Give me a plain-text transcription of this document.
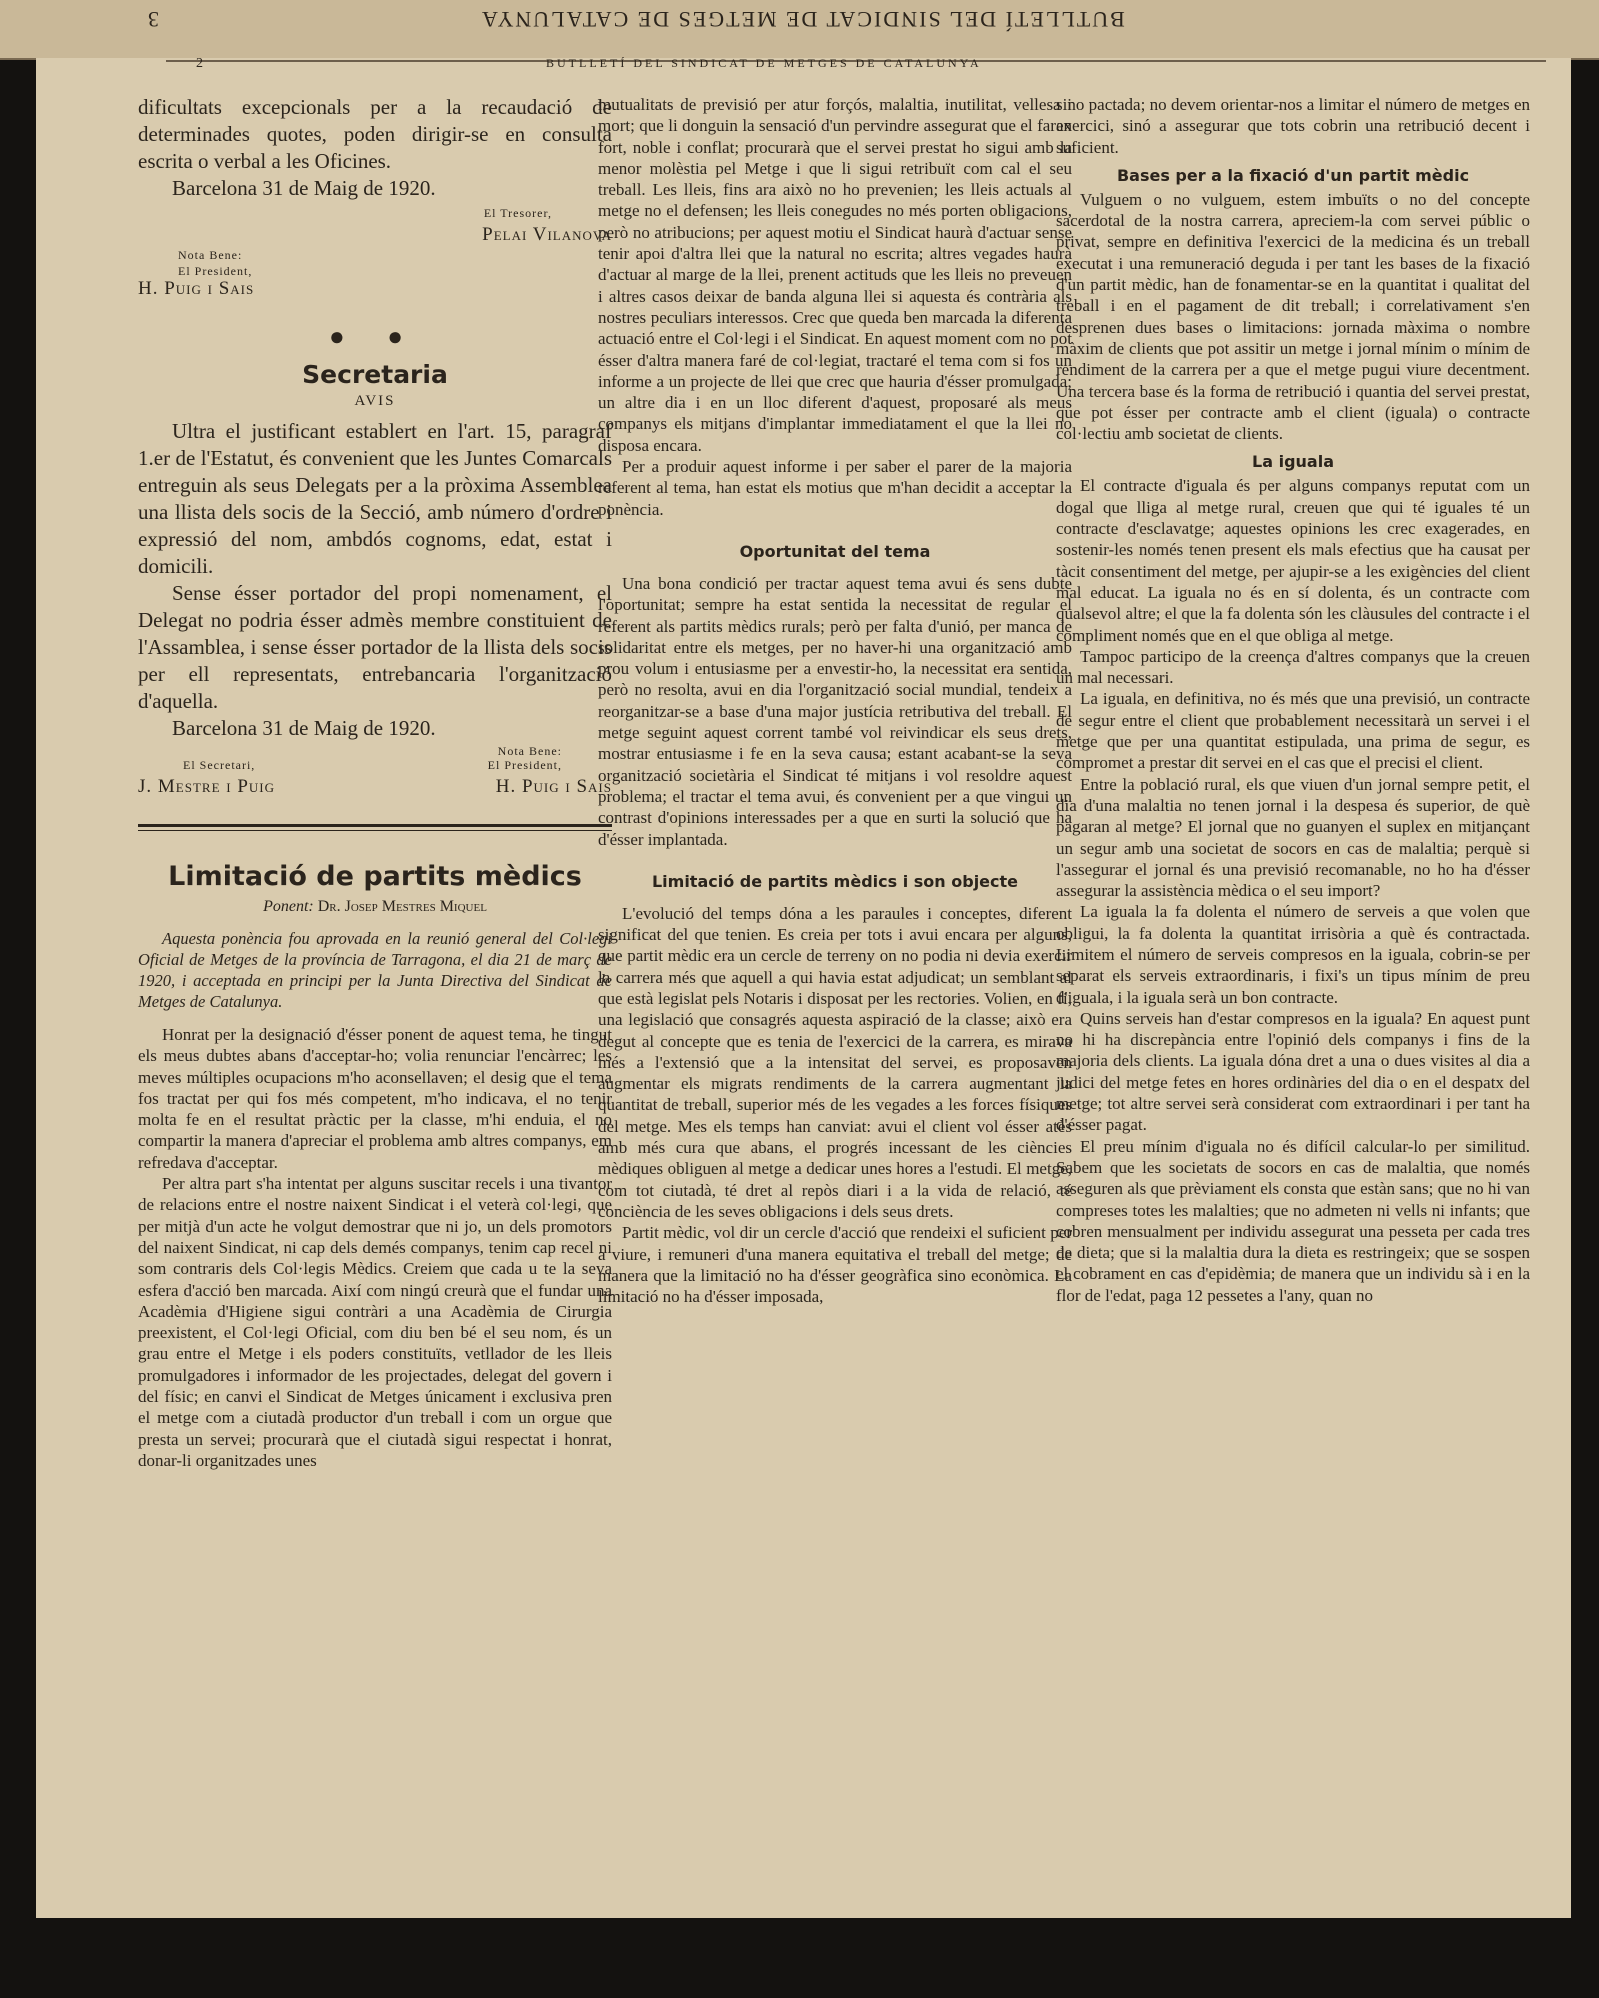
3	BUTLLETÍ DEL SINDICAT DE METGES DE CATALUNYA
2	BUTLLETÍ DEL SINDICAT DE METGES DE CATALUNYA

dificultats excepcionals per a la recaudació de determinades quotes, poden dirigir-se en consulta escrita o verbal a les Oficines.

Barcelona 31 de Maig de 1920.

El Tresorer,
Pelai Vilanova
Nota Bene:
El President,
H. Puig i Sais
● ●
Secretaria
AVIS

Ultra el justificant establert en l'art. 15, paragraf 1.er de l'Estatut, és convenient que les Juntes Comarcals entreguin als seus Delegats per a la pròxima Assemblea una llista dels socis de la Secció, amb número d'ordre i expressió del nom, ambdós cognoms, edat, estat i domicili.

Sense ésser portador del propi nomenament, el Delegat no podria ésser admès membre constituient de l'Assamblea, i sense ésser portador de la llista dels socis per ell representats, entrebancaria l'organització d'aquella.

Barcelona 31 de Maig de 1920.

Nota Bene:
El Secretari,	El President,
J. Mestre i Puig	H. Puig i Sais
Limitació de partits mèdics
Ponent: Dr. Josep Mestres Miquel

Aquesta ponència fou aprovada en la reunió general del Col·legi Oficial de Metges de la província de Tarragona, el dia 21 de març de 1920, i acceptada en principi per la Junta Directiva del Sindicat de Metges de Catalunya.

Honrat per la designació d'ésser ponent de aquest tema, he tingut els meus dubtes abans d'acceptar-ho; volia renunciar l'encàrrec; les meves múltiples ocupacions m'ho aconsellaven; el desig que el tema fos tractat per qui fos més competent, m'ho indicava, el no tenir molta fe en el resultat pràctic per la classe, m'hi enduia, el no compartir la manera d'apreciar el problema amb altres companys, em refredava d'acceptar.

Per altra part s'ha intentat per alguns suscitar recels i una tivantor de relacions entre el nostre naixent Sindicat i el veterà col·legi, que per mitjà d'un acte he volgut demostrar que ni jo, un dels promotors del naixent Sindicat, ni cap dels demés companys, tenim cap recel ni som contraris dels Col·legis Mèdics. Creiem que cada u te la seva esfera d'acció ben marcada. Així com ningú creurà que el fundar una Acadèmia d'Higiene sigui contràri a una Acadèmia de Cirurgia preexistent, el Col·legi Oficial, com diu ben bé el seu nom, és un grau entre el Metge i els poders constituïts, vetllador de les lleis promulgadores i informador de les projectades, delegat del govern i del físic; en canvi el Sindicat de Metges únicament i exclusiva pren el metge com a ciutadà productor d'un treball i com un orgue que presta un servei; procurarà que el ciutadà sigui respectat i honrat, donar-li organitzades unes

mutualitats de previsió per atur forçós, malaltia, inutilitat, vellesa i mort; que li donguin la sensació d'un pervindre assegurat que el faran fort, noble i conflat; procurarà que el servei prestat ho sigui amb la menor molèstia pel Metge i que li sigui retribuït com cal el seu treball. Les lleis, fins ara això no ho prevenien; les lleis actuals al metge no el defensen; les lleis conegudes no més porten obligacions, però no atribucions; per aquest motiu el Sindicat haurà d'actuar sense tenir apoi d'altra llei que la natural no escrita; altres vegades haurà d'actuar al marge de la llei, prenent actituds que les lleis no preveuen i altres casos deixar de banda alguna llei si aquesta és contrària als nostres peculiars interessos. Crec que queda ben marcada la diferenta actuació entre el Col·legi i el Sindicat. En aquest moment com no pot ésser d'altra manera faré de col·legiat, tractaré el tema com si fos un informe a un projecte de llei que crec que hauria d'ésser promulgada; un altre dia i en un lloc diferent d'aquest, proposaré als meus companys els mitjans d'implantar immediatament el que la llei no disposa encara.

Per a produir aquest informe i per saber el parer de la majoria referent al tema, han estat els motius que m'han decidit a acceptar la ponència.

Oportunitat del tema

Una bona condició per tractar aquest tema avui és sens dubte l'oportunitat; sempre ha estat sentida la necessitat de regular el referent als partits mèdics rurals; però per falta d'unió, per manca de solidaritat entre els metges, per no haver-hi una organització amb prou volum i entusiasme per a envestir-ho, la necessitat era sentida, però no resolta, avui en dia l'organització social mundial, tendeix a reorganitzar-se a base d'una major justícia retributiva del treball. El metge seguint aquest corrent també vol reivindicar els seus drets, mostrar entusiasme i fe en la seva causa; estant acabant-se la seva organització societària el Sindicat té mitjans i vol resoldre aquest problema; el tractar el tema avui, és convenient per a que vingui un contrast d'opinions interessades per a que en surti la solució que ha d'ésser implantada.

Limitació de partits mèdics i son objecte

L'evolució del temps dóna a les paraules i conceptes, diferent significat del que tenien. Es creia per tots i avui encara per alguns, que partit mèdic era un cercle de terreny on no podia ni devia exercir la carrera més que aquell a qui havia estat adjudicat; un semblant al que està legislat pels Notaris i disposat per les rectories. Volien, en fi, una legislació que consagrés aquesta aspiració de la classe; això era degut al concepte que es tenia de l'exercici de la carrera, es mirava més a l'extensió que a la intensitat del servei, es proposaven augmentar els migrats rendiments de la carrera augmentant la quantitat de treball, superior més de les vegades a les forces físiques del metge. Mes els temps han canviat: avui el client vol ésser atès amb més cura que abans, el progrés incessant de les ciències mèdiques obliguen al metge a dedicar unes hores a l'estudi. El metge, com tot ciutadà, té dret al repòs diari i a la vida de relació, té conciència de les seves obligacions i dels seus drets.

Partit mèdic, vol dir un cercle d'acció que rendeixi el suficient per a viure, i remuneri d'una manera equitativa el treball del metge; de manera que la limitació no ha d'ésser geogràfica sino econòmica. La limitació no ha d'ésser imposada,

sino pactada; no devem orientar-nos a limitar el número de metges en exercici, sinó a assegurar que tots cobrin una retribució decent i suficient.

Bases per a la fixació d'un partit mèdic

Vulguem o no vulguem, estem imbuïts o no del concepte sacerdotal de la nostra carrera, apreciem-la com servei públic o privat, sempre en definitiva l'exercici de la medicina és un treball executat i una remuneració deguda i per tant les bases de la fixació d'un partit mèdic, han de fonamentar-se en la quantitat i qualitat del treball i en el pagament de dit treball; i correlativament s'en desprenen dues bases o limitacions: jornada màxima o nombre màxim de clients que pot assitir un metge i jornal mínim o mínim de rendiment de la carrera per a que el metge pugui viure decentment. Una tercera base és la forma de retribució i quantia del servei prestat, que pot ésser per contracte amb el client (iguala) o contracte col·lectiu amb societat de clients.

La iguala

El contracte d'iguala és per alguns companys reputat com un dogal que lliga al metge rural, creuen que qui té iguales té un contracte d'esclavatge; aquestes opinions les crec exagerades, en sostenir-les només tenen present els mals efectius que ha causat per tàcit consentiment del metge, per ajupir-se a les exigències del client mal educat. La iguala no és en sí dolenta, és un contracte com qualsevol altre; el que la fa dolenta són les clàusules del contracte i el compliment només que en el que obliga al metge.

Tampoc participo de la creença d'altres companys que la creuen un mal necessari.

La iguala, en definitiva, no és més que una previsió, un contracte de segur entre el client que probablement necessitarà un servei i el metge que per una quantitat estipulada, una prima de segur, es compromet a prestar dit servei en el cas que el precisi el client.

Entre la població rural, els que viuen d'un jornal sempre petit, el dia d'una malaltia no tenen jornal i la despesa és superior, de què pagaran al metge? El jornal que no guanyen el suplex en mitjançant un segur amb una societat de socors en cas de malaltia; perquè si l'assegurar el jornal és una previsió recomanable, no ho ha d'ésser assegurar la assistència mèdica o el seu import?

La iguala la fa dolenta el número de serveis a que volen que obligui, la fa dolenta la quantitat irrisòria a què és contractada. Limitem el número de serveis compresos en la iguala, cobrin-se per separat els serveis extraordinaris, i fixi's un tipus mínim de preu d'iguala, i la iguala serà un bon contracte.

Quins serveis han d'estar compresos en la iguala? En aquest punt no hi ha discrepància entre l'opinió dels companys i fins de la majoria dels clients. La iguala dóna dret a una o dues visites al dia a judici del metge fetes en hores ordinàries del dia o en el despatx del metge; tot altre servei serà considerat com extraordinari i per tant ha d'ésser pagat.

El preu mínim d'iguala no és difícil calcular-lo per similitud. Sabem que les societats de socors en cas de malaltia, que només asseguren als que prèviament els consta que estàn sans; que no hi van compreses totes les malalties; que no admeten ni vells ni infants; que cobren mensualment per individu assegurat una pesseta per cada tres de dieta; que si la malaltia dura la dieta es restringeix; que se sospen el cobrament en cas d'epidèmia; de manera que un individu sà i en la flor de l'edat, paga 12 pessetes a l'any, quan no
